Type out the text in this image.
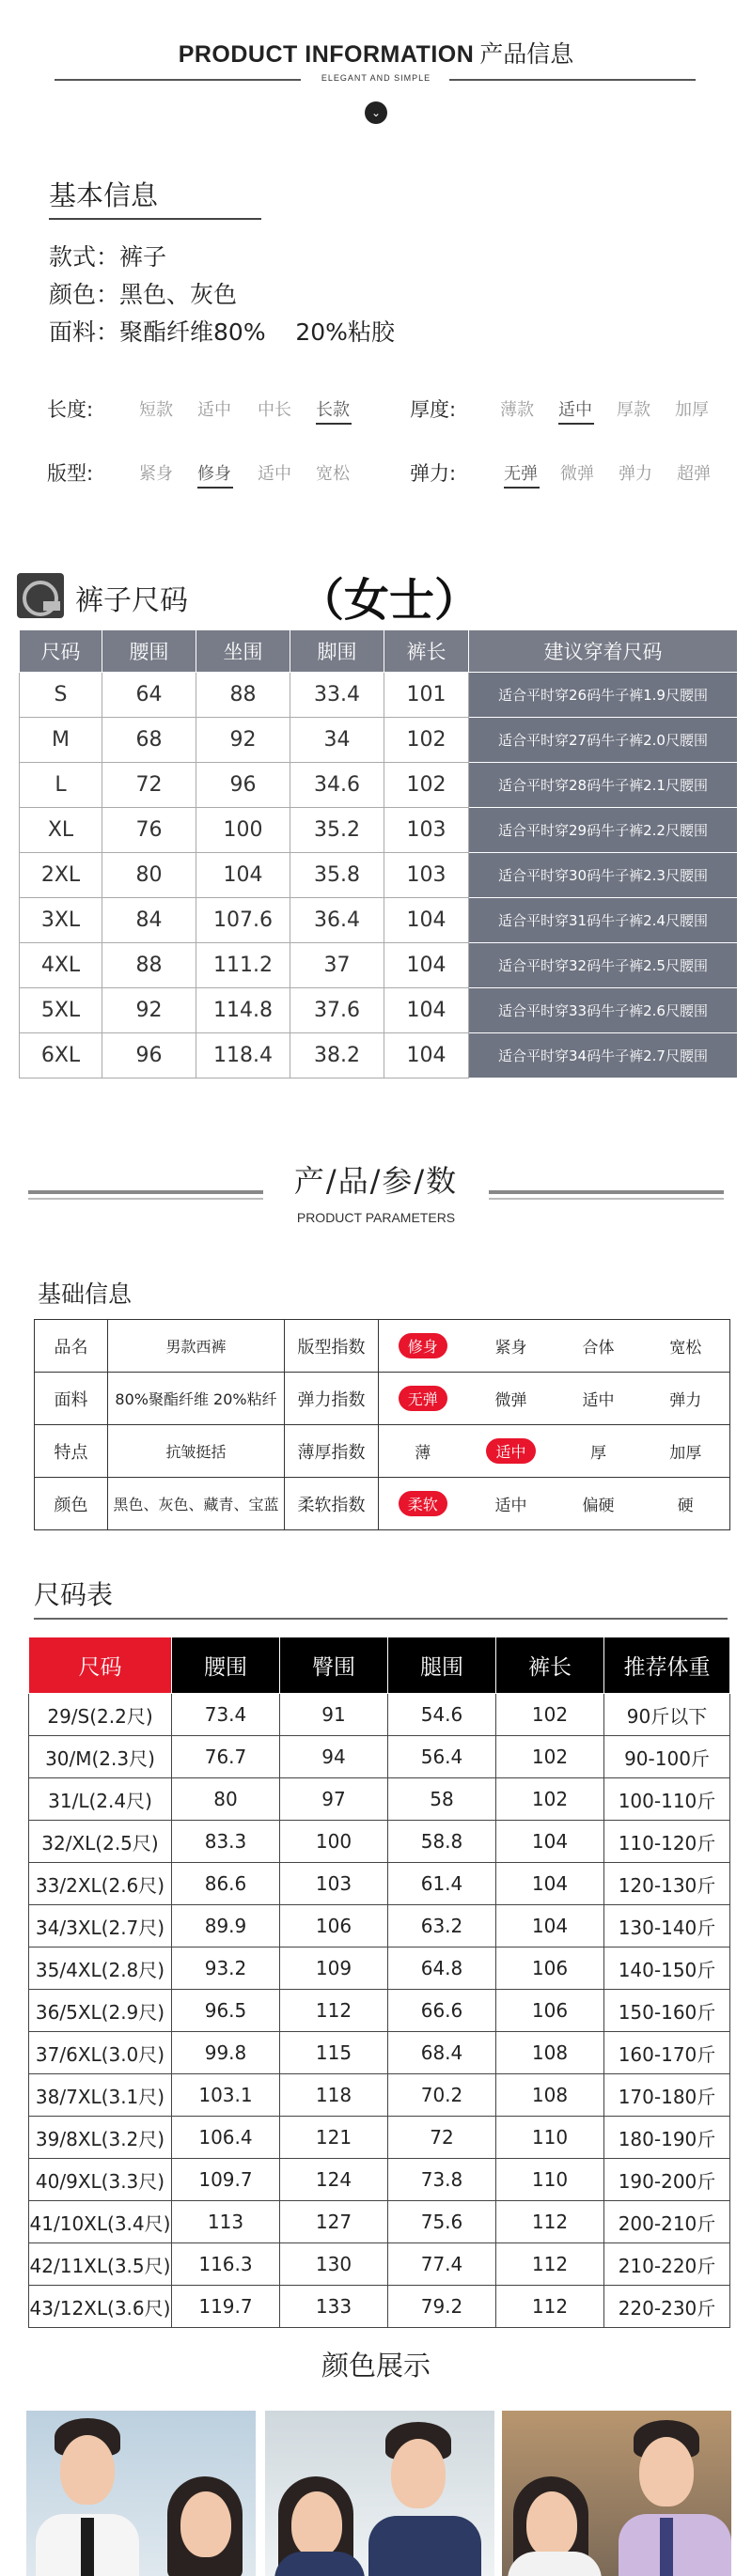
PRODUCT INFORMATION 产品信息
ELEGANT AND SIMPLE
⌄
基本信息
款式：裤子
颜色：黑色、灰色
面料：聚酯纤维80%    20%粘胶
长度:	短款 适中 中长 长款	厚度:	薄款 适中 厚款 加厚
版型:	紧身 修身 适中 宽松	弹力:	无弹 微弹 弹力 超弹
裤子尺码 （女士）
尺码	腰围	坐围	脚围	裤长	建议穿着尺码
S	64	88	33.4	101	适合平时穿26码牛子裤1.9尺腰围
M	68	92	34	102	适合平时穿27码牛子裤2.0尺腰围
L	72	96	34.6	102	适合平时穿28码牛子裤2.1尺腰围
XL	76	100	35.2	103	适合平时穿29码牛子裤2.2尺腰围
2XL	80	104	35.8	103	适合平时穿30码牛子裤2.3尺腰围
3XL	84	107.6	36.4	104	适合平时穿31码牛子裤2.4尺腰围
4XL	88	111.2	37	104	适合平时穿32码牛子裤2.5尺腰围
5XL	92	114.8	37.6	104	适合平时穿33码牛子裤2.6尺腰围
6XL	96	118.4	38.2	104	适合平时穿34码牛子裤2.7尺腰围
产/品/参/数
PRODUCT PARAMETERS
基础信息
品名	男款西裤	版型指数	修身	紧身	合体	宽松
面料	80%聚酯纤维 20%粘纤	弹力指数	无弹	微弹	适中	弹力
特点	抗皱挺括	薄厚指数	薄	适中	厚	加厚
颜色	黑色、灰色、藏青、宝蓝	柔软指数	柔软	适中	偏硬	硬
尺码表
尺码	腰围	臀围	腿围	裤长	推荐体重
29/S(2.2尺)	73.4	91	54.6	102	90斤以下
30/M(2.3尺)	76.7	94	56.4	102	90-100斤
31/L(2.4尺)	80	97	58	102	100-110斤
32/XL(2.5尺)	83.3	100	58.8	104	110-120斤
33/2XL(2.6尺)	86.6	103	61.4	104	120-130斤
34/3XL(2.7尺)	89.9	106	63.2	104	130-140斤
35/4XL(2.8尺)	93.2	109	64.8	106	140-150斤
36/5XL(2.9尺)	96.5	112	66.6	106	150-160斤
37/6XL(3.0尺)	99.8	115	68.4	108	160-170斤
38/7XL(3.1尺)	103.1	118	70.2	108	170-180斤
39/8XL(3.2尺)	106.4	121	72	110	180-190斤
40/9XL(3.3尺)	109.7	124	73.8	110	190-200斤
41/10XL(3.4尺)	113	127	75.6	112	200-210斤
42/11XL(3.5尺)	116.3	130	77.4	112	210-220斤
43/12XL(3.6尺)	119.7	133	79.2	112	220-230斤
颜色展示
